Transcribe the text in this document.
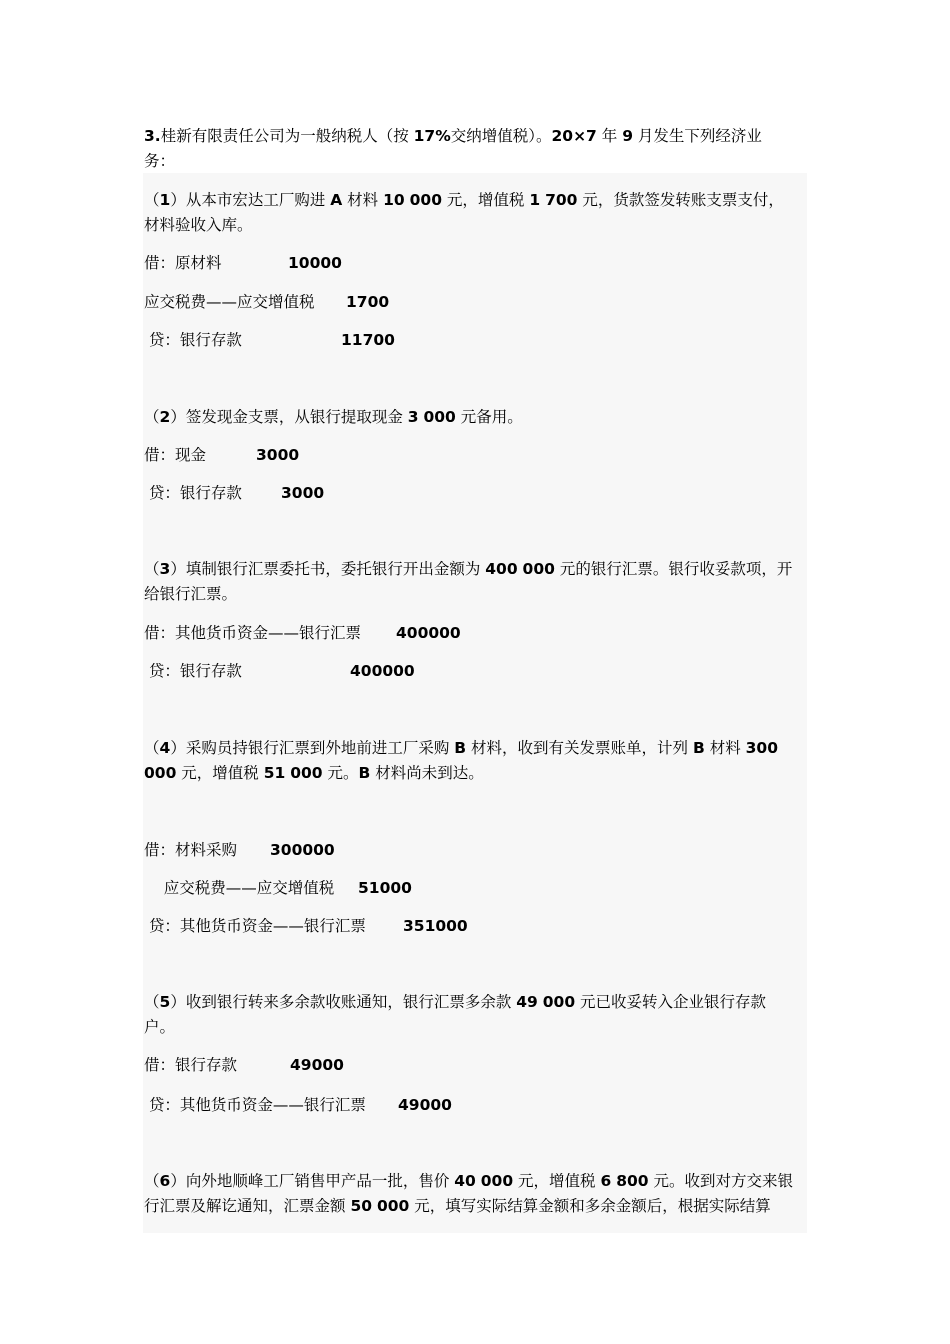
3.桂新有限责任公司为一般纳税人（按 17%交纳增值税）。20×7 年 9 月发生下列经济业
务：
（1）从本市宏达工厂购进 A 材料 10 000 元，增值税 1 700 元，货款签发转账支票支付，
材料验收入库。
借：原材料	10000
应交税费——应交增值税 1700
贷：银行存款	11700
（2）签发现金支票，从银行提取现金 3 000 元备用。
借：现金	3000
贷：银行存款	3000
（3）填制银行汇票委托书，委托银行开出金额为 400 000 元的银行汇票。银行收妥款项，开
给银行汇票。
借：其他货币资金——银行汇票 400000
贷：银行存款	400000
（4）采购员持银行汇票到外地前进工厂采购 B 材料，收到有关发票账单，计列 B 材料 300
000 元，增值税 51 000 元。B 材料尚未到达。
借：材料采购 300000
应交税费——应交增值税 51000
贷：其他货币资金——银行汇票 351000
（5）收到银行转来多余款收账通知，银行汇票多余款 49 000 元已收妥转入企业银行存款
户。
借：银行存款	49000
贷：其他货币资金——银行汇票 49000
（6）向外地顺峰工厂销售甲产品一批，售价 40 000 元，增值税 6 800 元。收到对方交来银
行汇票及解讫通知，汇票金额 50 000 元，填写实际结算金额和多余金额后，根据实际结算
